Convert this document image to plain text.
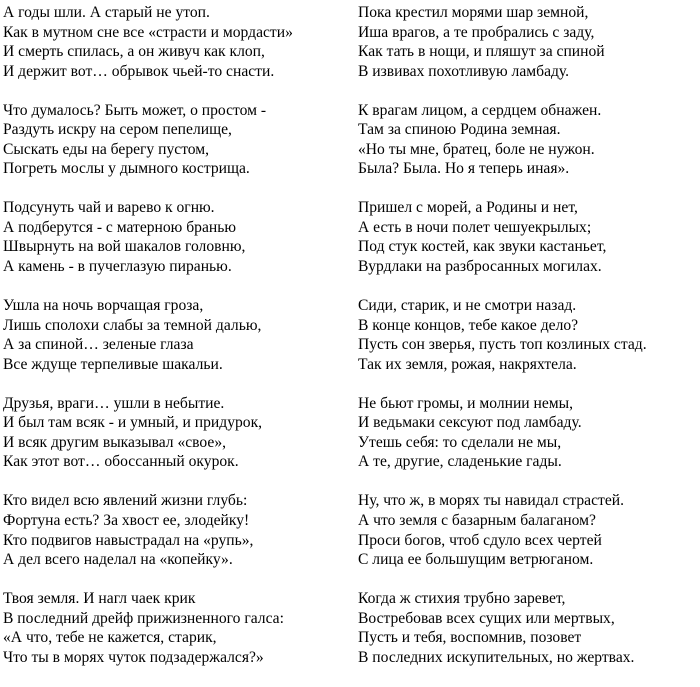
А годы шли. А старый не утоп.
Как в мутном сне все «страсти и мордасти»
И смерть спилась, а он живуч как клоп,
И держит вот… обрывок чьей-то снасти.
Что думалось? Быть может, о простом -
Раздуть искру на сером пепелище,
Сыскать еды на берегу пустом,
Погреть мослы у дымного кострища.
Подсунуть чай и варево к огню.
А подберутся - с матерною бранью
Швырнуть на вой шакалов головню,
А камень - в пучеглазую пиранью.
Ушла на ночь ворчащая гроза,
Лишь сполохи слабы за темной далью,
А за спиной… зеленые глаза
Все ждуще терпеливые шакальи.
Друзья, враги… ушли в небытие.
И был там всяк - и умный, и придурок,
И всяк другим выказывал «свое»,
Как этот вот… обоссанный окурок.
Кто видел всю явлений жизни глубь:
Фортуна есть? За хвост ее, злодейку!
Кто подвигов навыстрадал на «рупь»,
А дел всего наделал на «копейку».
Твоя земля. И нагл чаек крик
В последний дрейф прижизненного галса:
«А что, тебе не кажется, старик,
Что ты в морях чуток подзадержался?»
Пока крестил морями шар земной,
Иша врагов, а те пробрались с заду,
Как тать в нощи, и пляшут за спиной
В извивах похотливую ламбаду.
К врагам лицом, а сердцем обнажен.
Там за спиною Родина земная.
«Но ты мне, братец, боле не нужон.
Была? Была. Но я теперь иная».
Пришел с морей, а Родины и нет,
А есть в ночи полет чешуекрылых;
Под стук костей, как звуки кастаньет,
Вурдлаки на разбросанных могилах.
Сиди, старик, и не смотри назад.
В конце концов, тебе какое дело?
Пусть сон зверья, пусть топ козлиных стад.
Так их земля, рожая, накряхтела.
Не бьют громы, и молнии немы,
И ведьмаки сексуют под ламбаду.
Утешь себя: то сделали не мы,
А те, другие, сладенькие гады.
Ну, что ж, в морях ты навидал страстей.
А что земля с базарным балаганом?
Проси богов, чтоб сдуло всех чертей
С лица ее большущим ветрюганом.
Когда ж стихия трубно заревет,
Востребовав всех сущих или мертвых,
Пусть и тебя, воспомнив, позовет
В последних искупительных, но жертвах.
